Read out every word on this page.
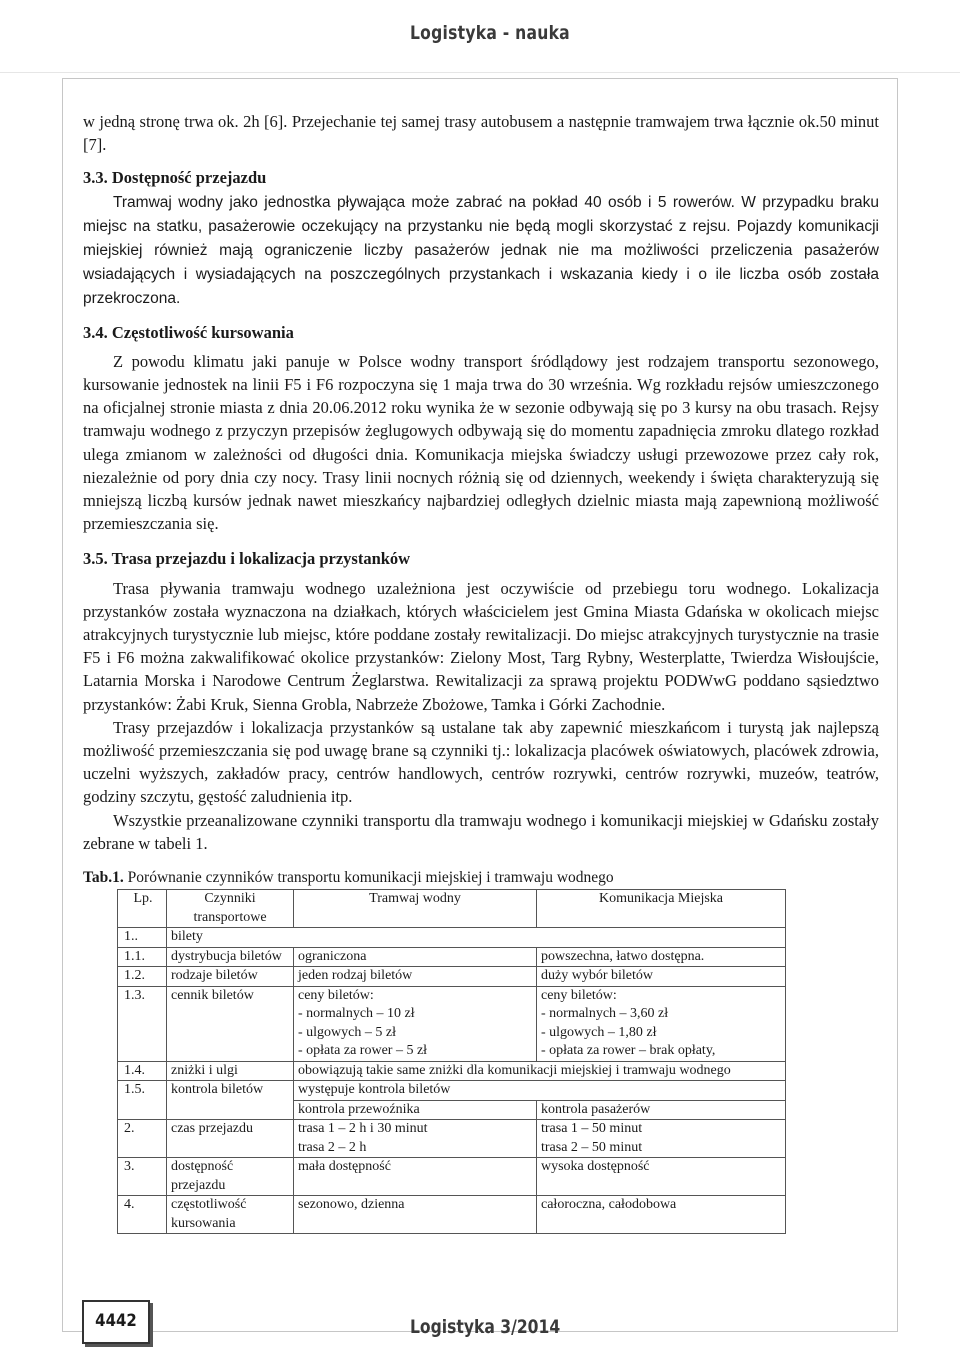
Logistyka - nauka

w jedną stronę trwa ok. 2h [6]. Przejechanie tej samej trasy autobusem a następnie tramwajem trwa łącznie ok.50 minut [7].

3.3. Dostępność przejazdu

Tramwaj wodny jako jednostka pływająca może zabrać na pokład 40 osób i 5 rowerów. W przypadku braku miejsc na statku, pasażerowie oczekujący na przystanku nie będą mogli skorzystać z rejsu. Pojazdy komunikacji miejskiej również mają ograniczenie liczby pasażerów jednak nie ma możliwości przeliczenia pasażerów wsiadających i wysiadających na poszczególnych przystankach i wskazania kiedy i o ile liczba osób została przekroczona.

3.4. Częstotliwość kursowania

Z powodu klimatu jaki panuje w Polsce wodny transport śródlądowy jest rodzajem transportu sezonowego, kursowanie jednostek na linii F5 i F6 rozpoczyna się 1 maja trwa do 30 września. Wg rozkładu rejsów umieszczonego na oficjalnej stronie miasta z dnia 20.06.2012 roku wynika że w sezonie odbywają się po 3 kursy na obu trasach. Rejsy tramwaju wodnego z przyczyn przepisów żeglugowych odbywają się do momentu zapadnięcia zmroku dlatego rozkład ulega zmianom w zależności od długości dnia. Komunikacja miejska świadczy usługi przewozowe przez cały rok, niezależnie od pory dnia czy nocy. Trasy linii nocnych różnią się od dziennych, weekendy i święta charakteryzują się mniejszą liczbą kursów jednak nawet mieszkańcy najbardziej odległych dzielnic miasta mają zapewnioną możliwość przemieszczania się.

3.5. Trasa przejazdu i lokalizacja przystanków

Trasa pływania tramwaju wodnego uzależniona jest oczywiście od przebiegu toru wodnego. Lokalizacja przystanków została wyznaczona na działkach, których właścicielem jest Gmina Miasta Gdańska w okolicach miejsc atrakcyjnych turystycznie lub miejsc, które poddane zostały rewitalizacji. Do miejsc atrakcyjnych turystycznie na trasie F5 i F6 można zakwalifikować okolice przystanków: Zielony Most, Targ Rybny, Westerplatte, Twierdza Wisłoujście, Latarnia Morska i Narodowe Centrum Żeglarstwa. Rewitalizacji za sprawą projektu PODWwG poddano sąsiedztwo przystanków: Żabi Kruk, Sienna Grobla, Nabrzeże Zbożowe, Tamka i Górki Zachodnie.

Trasy przejazdów i lokalizacja przystanków są ustalane tak aby zapewnić mieszkańcom i turystą jak najlepszą możliwość przemieszczania się pod uwagę brane są czynniki tj.: lokalizacja placówek oświatowych, placówek zdrowia, uczelni wyższych, zakładów pracy, centrów handlowych, centrów rozrywki, centrów rozrywki, muzeów, teatrów, godziny szczytu, gęstość zaludnienia itp.

Wszystkie przeanalizowane czynniki transportu dla tramwaju wodnego i komunikacji miejskiej w Gdańsku zostały zebrane w tabeli 1.

Tab.1. Porównanie czynników transportu komunikacji miejskiej i tramwaju wodnego
Lp.	Czynniki transportowe	Tramwaj wodny	Komunikacja Miejska
1..	bilety		
1.1.	dystrybucja biletów	ograniczona	powszechna, łatwo dostępna.
1.2.	rodzaje biletów	jeden rodzaj biletów	duży wybór biletów
1.3.	cennik biletów	ceny biletów:
- normalnych – 10 zł
- ulgowych – 5 zł
- opłata za rower – 5 zł	ceny biletów:
- normalnych – 3,60 zł
- ulgowych – 1,80 zł
- opłata za rower – brak opłaty,

1.4.	zniżki i ulgi	obowiązują takie same zniżki dla komunikacji miejskiej i tramwaju wodnego	
1.5.	kontrola biletów	występuje kontrola biletów	
		kontrola przewoźnika	kontrola pasażerów
2.	czas przejazdu	trasa 1 – 2 h i 30 minut
trasa 2 – 2 h	trasa 1 – 50 minut
trasa 2 – 50 minut

3.	dostępność przejazdu	mała dostępność	wysoka dostępność
4.	częstotliwość kursowania	sezonowo, dzienna	całoroczna, całodobowa
4442	Logistyka 3/2014
